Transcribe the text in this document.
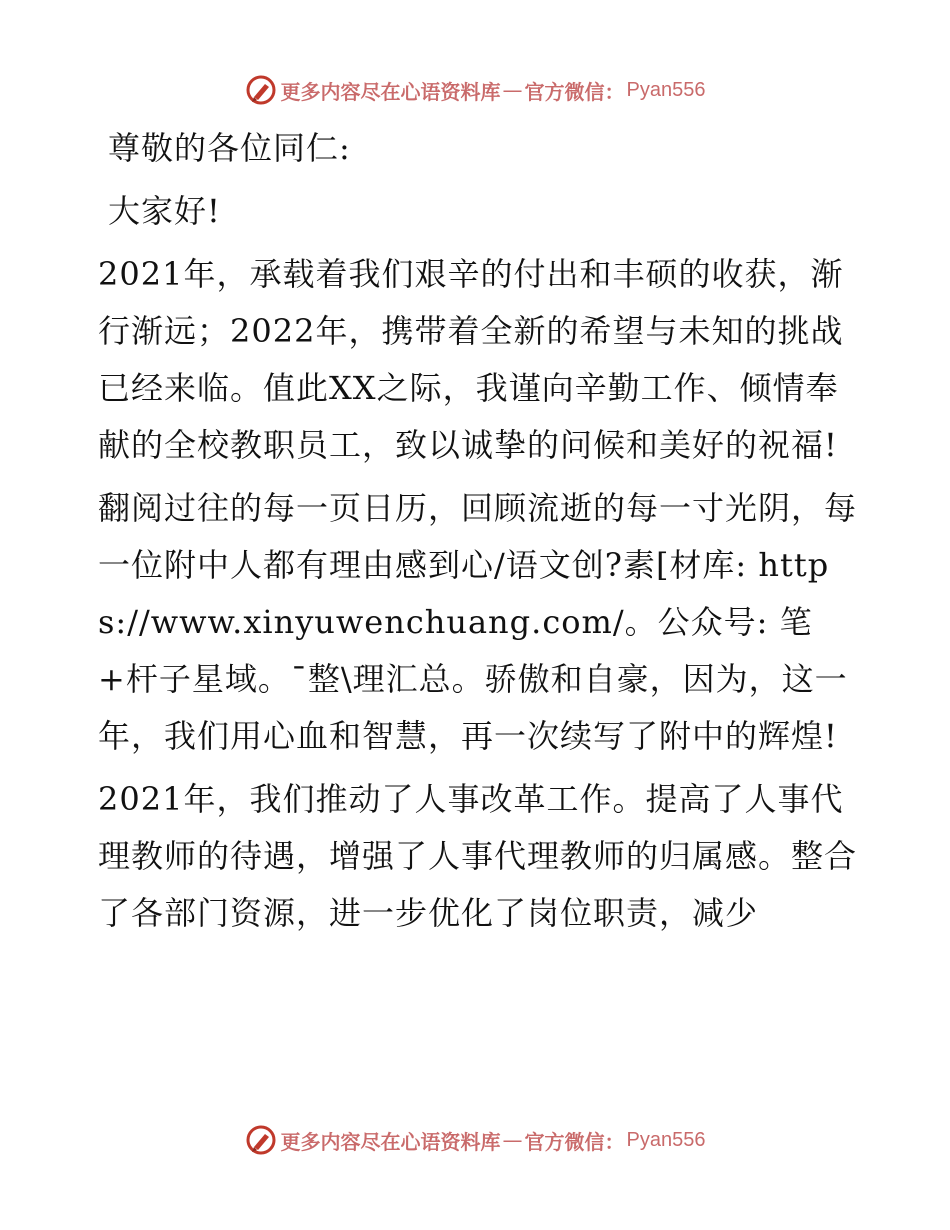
更多内容尽在心语资料库 — 官方微信： Pyan556

尊敬的各位同仁:

大家好!

2021年，承载着我们艰辛的付出和丰硕的收获，渐行渐远；2022年，携带着全新的希望与未知的挑战已经来临。值此XX之际，我谨向辛勤工作、倾情奉献的全校教职员工，致以诚挚的问候和美好的祝福!

翻阅过往的每一页日历，回顾流逝的每一寸光阴，每一位附中人都有理由感到心/语文创?素[材库: https://www.xinyuwenchuang.com/。公众号: 笔+杆子星域。¯整\理汇总。骄傲和自豪，因为，这一年，我们用心血和智慧，再一次续写了附中的辉煌!

2021年，我们推动了人事改革工作。提高了人事代理教师的待遇，增强了人事代理教师的归属感。整合了各部门资源，进一步优化了岗位职责，减少

更多内容尽在心语资料库 — 官方微信： Pyan556
